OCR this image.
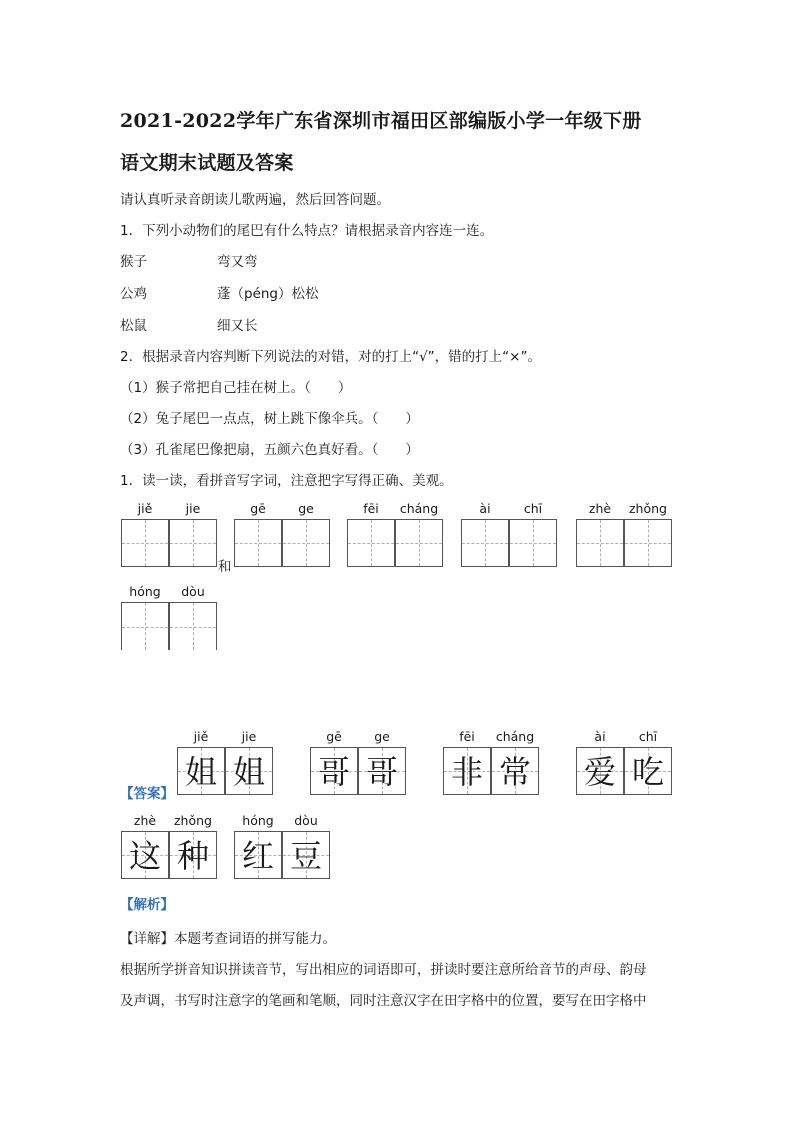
2021-2022学年广东省深圳市福田区部编版小学一年级下册
语文期末试题及答案
请认真听录音朗读儿歌两遍，然后回答问题。
1．下列小动物们的尾巴有什么特点？请根据录音内容连一连。
猴子	弯又弯
公鸡	蓬（péng）松松
松鼠	细又长
2．根据录音内容判断下列说法的对错，对的打上“√”，错的打上“×”。
（1）猴子常把自己挂在树上。（　　）
（2）兔子尾巴一点点，树上跳下像伞兵。（　　）
（3）孔雀尾巴像把扇，五颜六色真好看。（　　）
1．读一读，看拼音写字词，注意把字写得正确、美观。
jiě	jie
和
gē	ge	fēi	cháng	ài	chī	zhè	zhǒng
hóng	dòu
【答案】
jiě	jie
姐 姐
gē	ge
哥 哥
fēi	cháng
非 常
ài	chī
爱 吃
zhè	zhǒng
这 种
hóng	dòu
红 豆
【解析】
【详解】本题考查词语的拼写能力。
根据所学拼音知识拼读音节，写出相应的词语即可，拼读时要注意所给音节的声母、韵母
及声调，书写时注意字的笔画和笔顺，同时注意汉字在田字格中的位置，要写在田字格中
